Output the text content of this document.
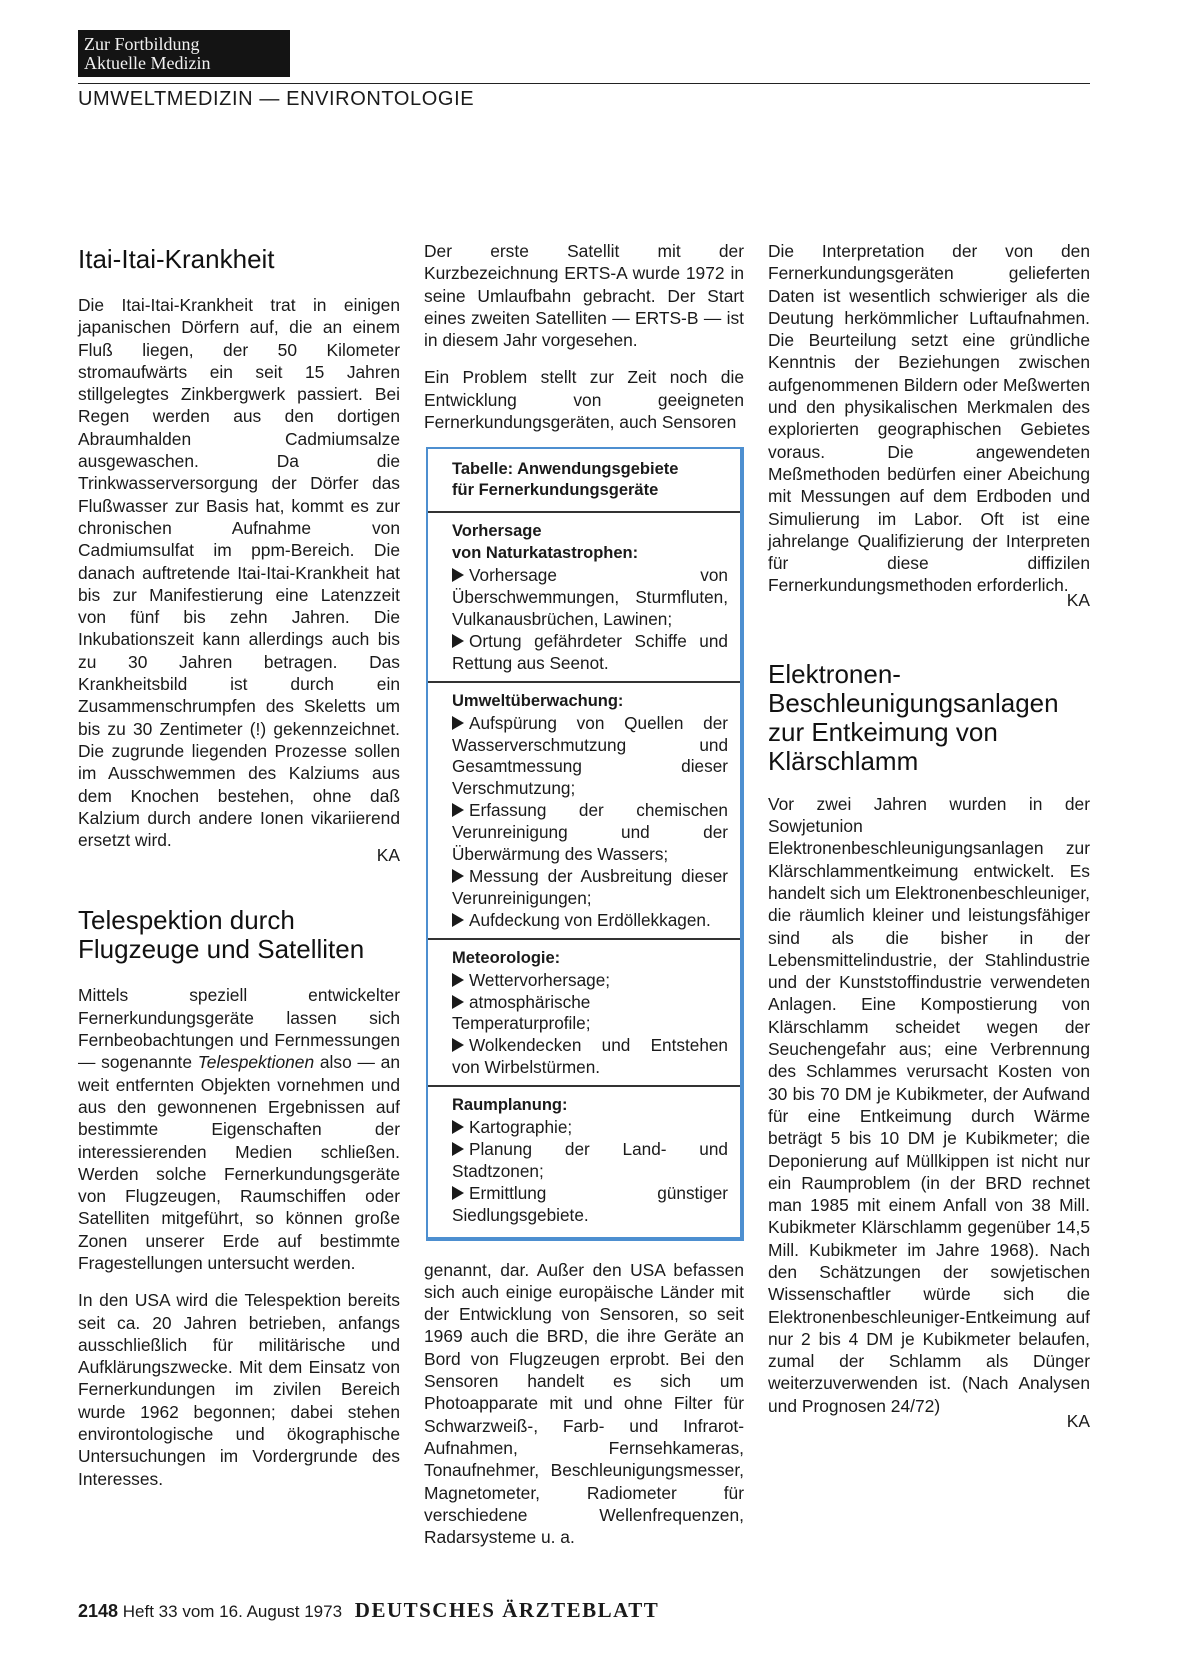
Zur Fortbildung
Aktuelle Medizin
UMWELTMEDIZIN — ENVIRONTOLOGIE
Itai-Itai-Krankheit

Die Itai-Itai-Krankheit trat in einigen japanischen Dörfern auf, die an einem Fluß liegen, der 50 Kilometer stromaufwärts ein seit 15 Jahren stillgelegtes Zinkbergwerk passiert. Bei Regen werden aus den dortigen Abraumhalden Cadmiumsalze ausgewaschen. Da die Trinkwasserversorgung der Dörfer das Flußwasser zur Basis hat, kommt es zur chronischen Aufnahme von Cadmiumsulfat im ppm-Bereich. Die danach auftretende Itai-Itai-Krankheit hat bis zur Manifestierung eine Latenzzeit von fünf bis zehn Jahren. Die Inkubationszeit kann allerdings auch bis zu 30 Jahren betragen. Das Krankheitsbild ist durch ein Zusammenschrumpfen des Skeletts um bis zu 30 Zentimeter (!) gekennzeichnet. Die zugrunde liegenden Prozesse sollen im Ausschwemmen des Kalziums aus dem Knochen bestehen, ohne daß Kalzium durch andere Ionen vikariierend ersetzt wird.

KA
Telespektion durch
Flugzeuge und Satelliten

Mittels speziell entwickelter Fernerkundungsgeräte lassen sich Fernbeobachtungen und Fernmessungen — sogenannte Telespektionen also — an weit entfernten Objekten vornehmen und aus den gewonnenen Ergebnissen auf bestimmte Eigenschaften der interessierenden Medien schließen. Werden solche Fernerkundungsgeräte von Flugzeugen, Raumschiffen oder Satelliten mitgeführt, so können große Zonen unserer Erde auf bestimmte Fragestellungen untersucht werden.

In den USA wird die Telespektion bereits seit ca. 20 Jahren betrieben, anfangs ausschließlich für militärische und Aufklärungszwecke. Mit dem Einsatz von Fernerkundungen im zivilen Bereich wurde 1962 begonnen; dabei stehen environtologische und ökographische Untersuchungen im Vordergrunde des Interesses.

Der erste Satellit mit der Kurzbezeichnung ERTS-A wurde 1972 in seine Umlaufbahn gebracht. Der Start eines zweiten Satelliten — ERTS-B — ist in diesem Jahr vorgesehen.

Ein Problem stellt zur Zeit noch die Entwicklung von geeigneten Fernerkundungsgeräten, auch Sensoren

Tabelle: Anwendungsgebiete
für Fernerkundungsgeräte
Vorhersage
von Naturkatastrophen:
Vorhersage von Überschwemmungen, Sturmfluten, Vulkanausbrüchen, Lawinen;
Ortung gefährdeter Schiffe und Rettung aus Seenot.
Umweltüberwachung:
Aufspürung von Quellen der Wasserverschmutzung und Gesamtmessung dieser Verschmutzung;
Erfassung der chemischen Verunreinigung und der Überwärmung des Wassers;
Messung der Ausbreitung dieser Verunreinigungen;
Aufdeckung von Erdöllekkagen.
Meteorologie:
Wettervorhersage;
atmosphärische Temperaturprofile;
Wolkendecken und Entstehen von Wirbelstürmen.
Raumplanung:
Kartographie;
Planung der Land- und Stadtzonen;
Ermittlung günstiger Siedlungsgebiete.

genannt, dar. Außer den USA befassen sich auch einige europäische Länder mit der Entwicklung von Sensoren, so seit 1969 auch die BRD, die ihre Geräte an Bord von Flugzeugen erprobt. Bei den Sensoren handelt es sich um Photoapparate mit und ohne Filter für Schwarzweiß-, Farb- und Infrarot-Aufnahmen, Fernsehkameras, Tonaufnehmer, Beschleunigungsmesser, Magnetometer, Radiometer für verschiedene Wellenfrequenzen, Radarsysteme u. a.

Die Interpretation der von den Fernerkundungsgeräten gelieferten Daten ist wesentlich schwieriger als die Deutung herkömmlicher Luftaufnahmen. Die Beurteilung setzt eine gründliche Kenntnis der Beziehungen zwischen aufgenommenen Bildern oder Meßwerten und den physikalischen Merkmalen des explorierten geographischen Gebietes voraus. Die angewendeten Meßmethoden bedürfen einer Abeichung mit Messungen auf dem Erdboden und Simulierung im Labor. Oft ist eine jahrelange Qualifizierung der Interpreten für diese diffizilen Fernerkundungsmethoden erforderlich.

KA
Elektronen-
Beschleunigungsanlagen
zur Entkeimung von
Klärschlamm

Vor zwei Jahren wurden in der Sowjetunion Elektronenbeschleunigungsanlagen zur Klärschlammentkeimung entwickelt. Es handelt sich um Elektronenbeschleuniger, die räumlich kleiner und leistungsfähiger sind als die bisher in der Lebensmittelindustrie, der Stahlindustrie und der Kunststoffindustrie verwendeten Anlagen. Eine Kompostierung von Klärschlamm scheidet wegen der Seuchengefahr aus; eine Verbrennung des Schlammes verursacht Kosten von 30 bis 70 DM je Kubikmeter, der Aufwand für eine Entkeimung durch Wärme beträgt 5 bis 10 DM je Kubikmeter; die Deponierung auf Müllkippen ist nicht nur ein Raumproblem (in der BRD rechnet man 1985 mit einem Anfall von 38 Mill. Kubikmeter Klärschlamm gegenüber 14,5 Mill. Kubikmeter im Jahre 1968). Nach den Schätzungen der sowjetischen Wissenschaftler würde sich die Elektronenbeschleuniger-Entkeimung auf nur 2 bis 4 DM je Kubikmeter belaufen, zumal der Schlamm als Dünger weiterzuverwenden ist. (Nach Analysen und Prognosen 24/72)

KA
2148 Heft 33 vom 16. August 1973 DEUTSCHES ÄRZTEBLATT
